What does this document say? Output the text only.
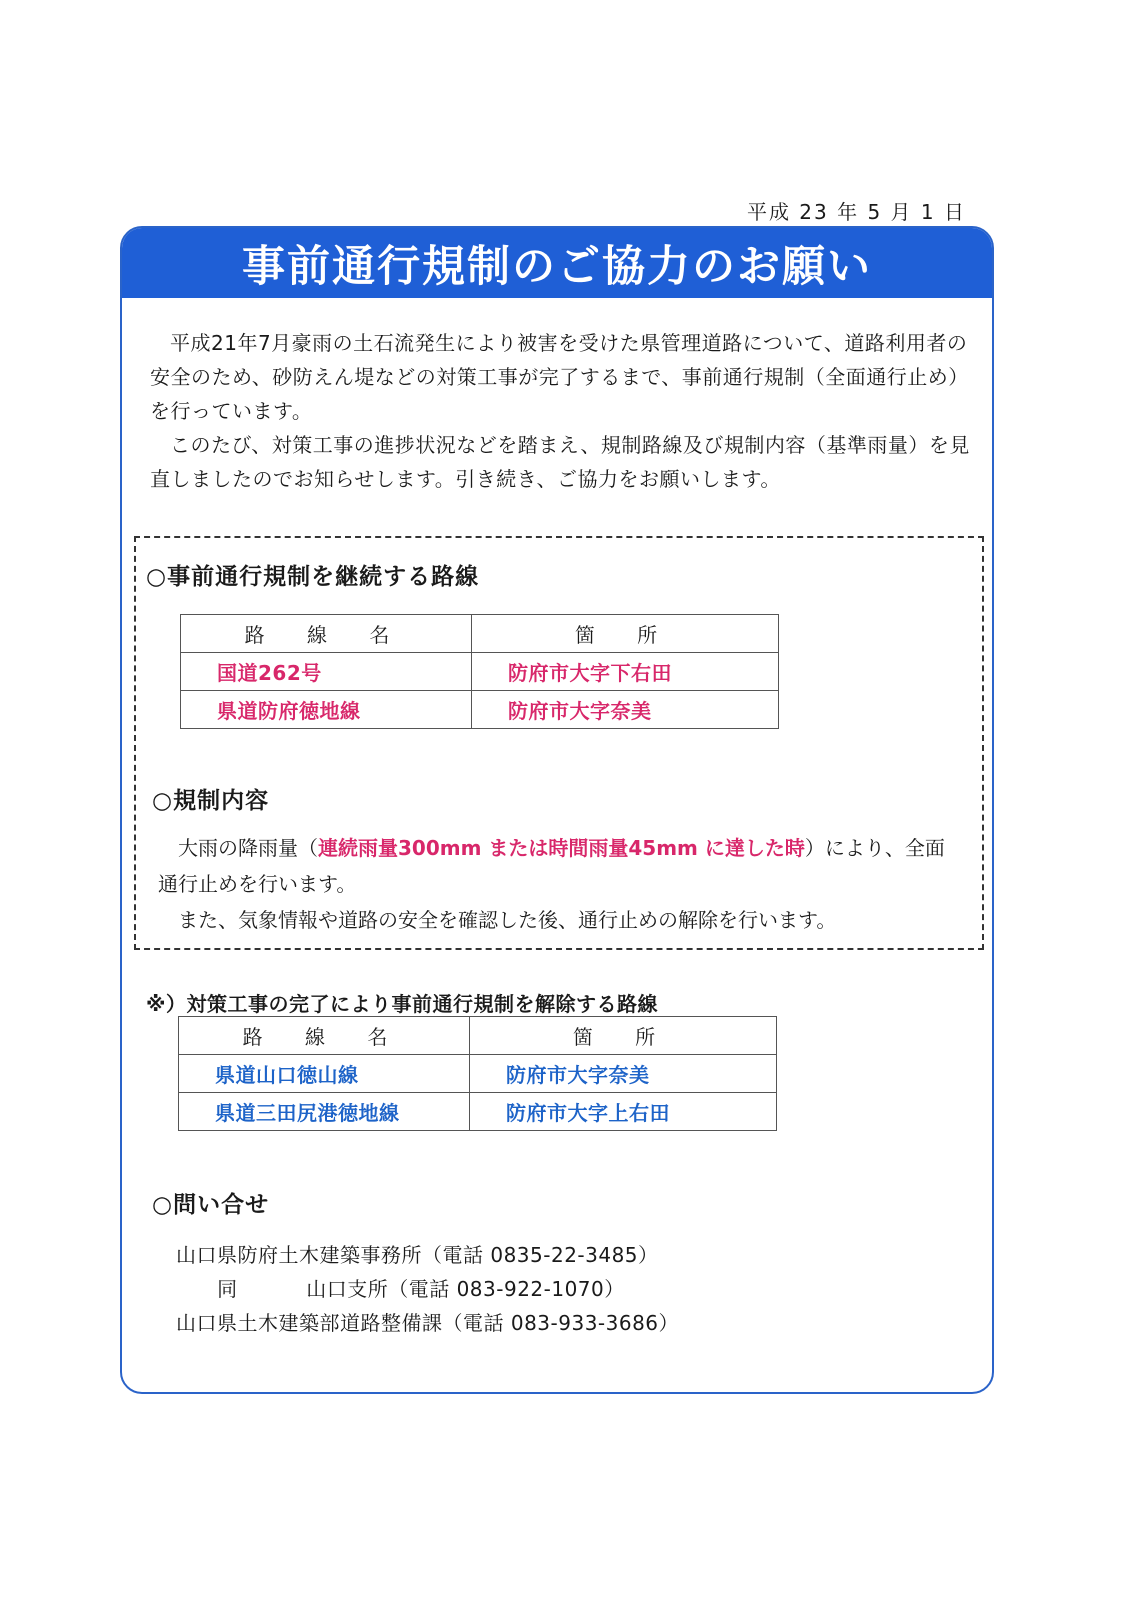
平成 23 年 5 月 1 日
事前通行規制のご協力のお願い

平成21年7月豪雨の土石流発生により被害を受けた県管理道路について、道路利用者の安全のため、砂防えん堤などの対策工事が完了するまで、事前通行規制（全面通行止め）を行っています。

このたび、対策工事の進捗状況などを踏まえ、規制路線及び規制内容（基準雨量）を見直しましたのでお知らせします。引き続き、ご協力をお願いします。

○事前通行規制を継続する路線
路 線 名	箇 所
国道262号	防府市大字下右田
県道防府徳地線	防府市大字奈美
○規制内容

大雨の降雨量（連続雨量300mm または時間雨量45mm に達した時）により、全面通行止めを行います。

また、気象情報や道路の安全を確認した後、通行止めの解除を行います。

※）対策工事の完了により事前通行規制を解除する路線
路 線 名	箇 所
県道山口徳山線	防府市大字奈美
県道三田尻港徳地線	防府市大字上右田
○問い合せ
山口県防府土木建築事務所（電話 0835-22-3485）
同          山口支所（電話 083-922-1070）
山口県土木建築部道路整備課（電話 083-933-3686）
